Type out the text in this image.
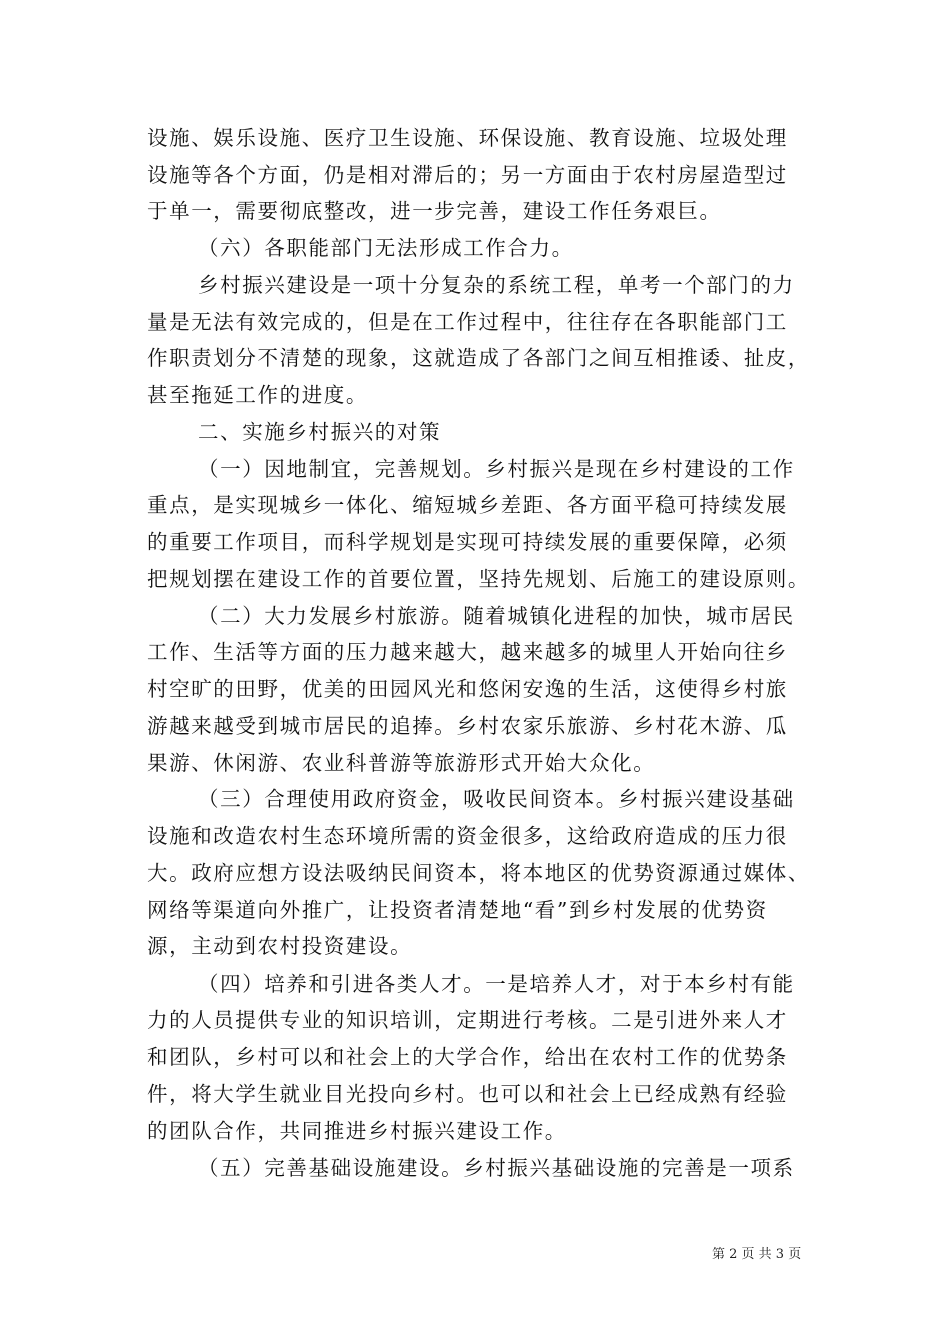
设施、娱乐设施、医疗卫生设施、环保设施、教育设施、垃圾处理
设施等各个方面，仍是相对滞后的；另一方面由于农村房屋造型过
于单一，需要彻底整改，进一步完善，建设工作任务艰巨。
（六）各职能部门无法形成工作合力。
乡村振兴建设是一项十分复杂的系统工程，单考一个部门的力
量是无法有效完成的，但是在工作过程中，往往存在各职能部门工
作职责划分不清楚的现象，这就造成了各部门之间互相推诿、扯皮，
甚至拖延工作的进度。
二、实施乡村振兴的对策
（一）因地制宜，完善规划。乡村振兴是现在乡村建设的工作
重点，是实现城乡一体化、缩短城乡差距、各方面平稳可持续发展
的重要工作项目，而科学规划是实现可持续发展的重要保障，必须
把规划摆在建设工作的首要位置，坚持先规划、后施工的建设原则。
（二）大力发展乡村旅游。随着城镇化进程的加快，城市居民
工作、生活等方面的压力越来越大，越来越多的城里人开始向往乡
村空旷的田野，优美的田园风光和悠闲安逸的生活，这使得乡村旅
游越来越受到城市居民的追捧。乡村农家乐旅游、乡村花木游、瓜
果游、休闲游、农业科普游等旅游形式开始大众化。
（三）合理使用政府资金，吸收民间资本。乡村振兴建设基础
设施和改造农村生态环境所需的资金很多，这给政府造成的压力很
大。政府应想方设法吸纳民间资本，将本地区的优势资源通过媒体、
网络等渠道向外推广，让投资者清楚地“看”到乡村发展的优势资
源，主动到农村投资建设。
（四）培养和引进各类人才。一是培养人才，对于本乡村有能
力的人员提供专业的知识培训，定期进行考核。二是引进外来人才
和团队，乡村可以和社会上的大学合作，给出在农村工作的优势条
件，将大学生就业目光投向乡村。也可以和社会上已经成熟有经验
的团队合作，共同推进乡村振兴建设工作。
（五）完善基础设施建设。乡村振兴基础设施的完善是一项系
第 2 页 共 3 页
